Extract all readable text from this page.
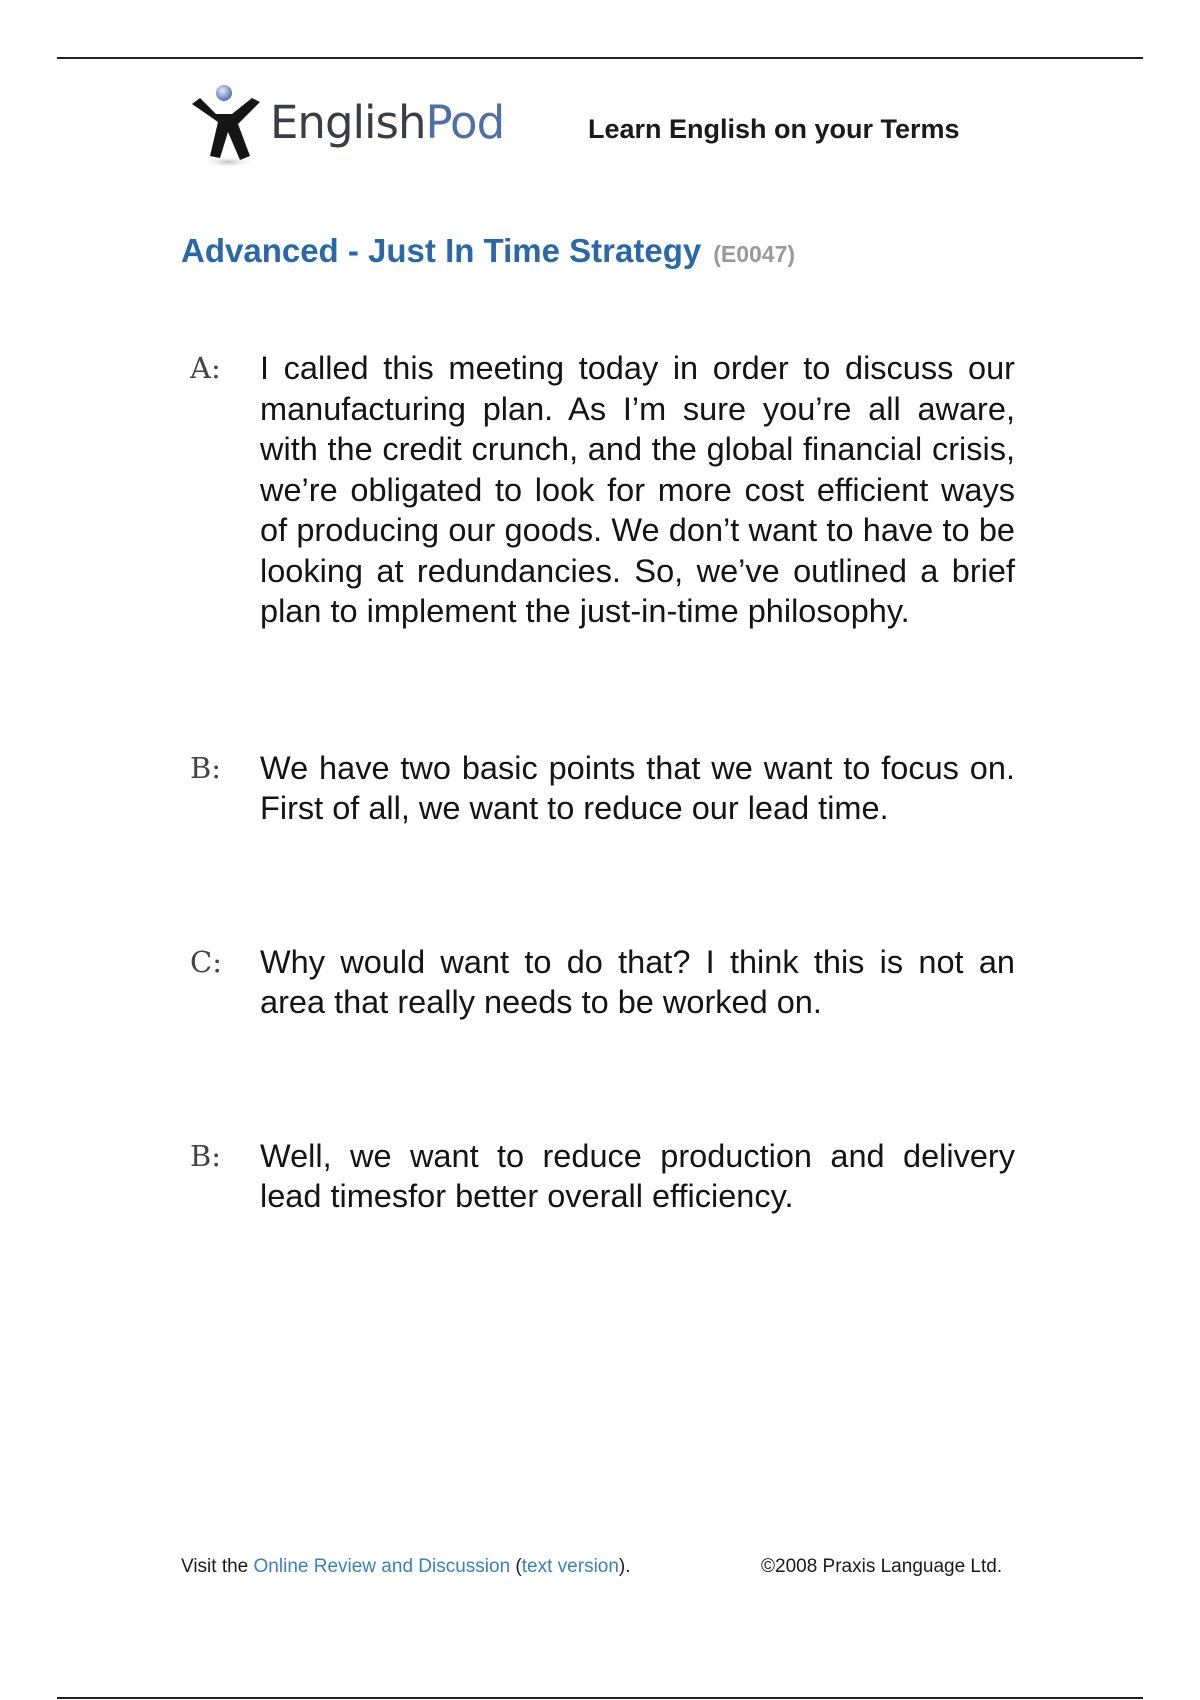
EnglishPod	Learn English on your Terms
Advanced - Just In Time Strategy (E0047)
A:	I called this meeting today in order to discuss our manufacturing plan. As I’m sure you’re all aware, with the credit crunch, and the global financial crisis, we’re obligated to look for more cost efficient ways of producing our goods. We don’t want to have to be looking at redundancies. So, we’ve outlined a brief plan to implement the just-in-time philosophy.
B:	We have two basic points that we want to focus on. First of all, we want to reduce our lead time.
C:	Why would want to do that? I think this is not an area that really needs to be worked on.
B:	Well, we want to reduce production and delivery lead timesfor better overall efficiency.
Visit the Online Review and Discussion (text version).	©2008 Praxis Language Ltd.
